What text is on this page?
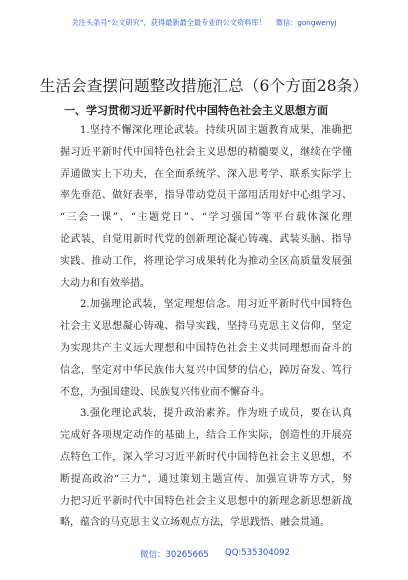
关注头条号“公文研究”，获得最新最全最专业的公文资料库！ 微信：gongwenyj
生活会查摆问题整改措施汇总（6个方面28条）
一、学习贯彻习近平新时代中国特色社会主义思想方面
1.坚持不懈深化理论武装。持续巩固主题教育成果，准确把
握习近平新时代中国特色社会主义思想的精髓要义，继续在学懂
弄通做实上下功夫，在全面系统学、深入思考学、联系实际学上
率先垂范、做好表率，指导带动党员干部用活用好中心组学习、
“三会一课”、“主题党日”、“学习强国”等平台载体深化理
论武装，自觉用新时代党的创新理论凝心铸魂、武装头脑、指导
实践、推动工作，将理论学习成果转化为推动全区高质量发展强
大动力和有效举措。
2.加强理论武装，坚定理想信念。用习近平新时代中国特色
社会主义思想凝心铸魂、指导实践，坚持马克思主义信仰，坚定
为实现共产主义远大理想和中国特色社会主义共同理想而奋斗的
信念，坚定对中华民族伟大复兴中国梦的信心，踔厉奋发、笃行
不怠，为强国建设、民族复兴伟业而不懈奋斗。
3.强化理论武装，提升政治素养。作为班子成员，要在认真
完成好各项规定动作的基础上，结合工作实际，创造性的开展亮
点特色工作，深入学习习近平新时代中国特色社会主义思想，不
断提高政治“三力”，通过策划主题宣传、加强宣讲等方式，努
力把习近平新时代中国特色社会主义思想中的新理念新思想新战
略，蕴含的马克思主义立场观点方法，学思践悟、融会贯通。
微信：30265665 QQ:535304092
